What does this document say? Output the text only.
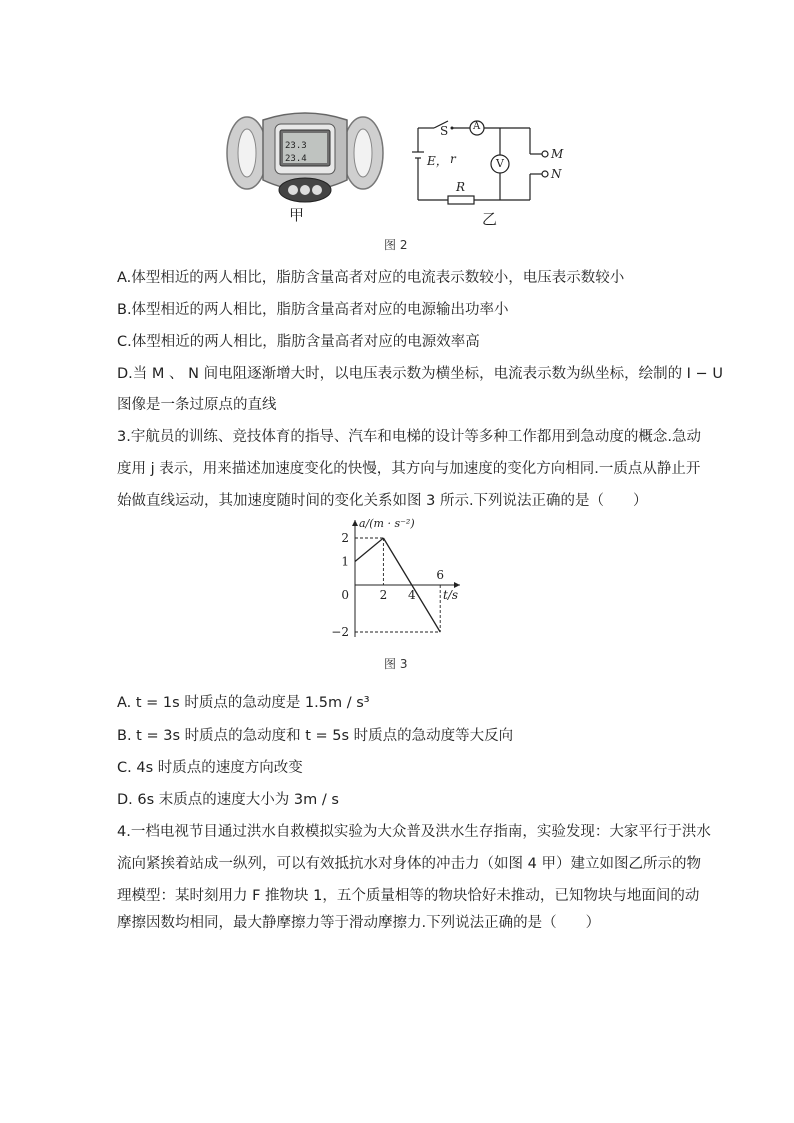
23.3
23.4
甲
S A
V
E， r
R
M
N
乙
图 2
A.体型相近的两人相比，脂肪含量高者对应的电流表示数较小，电压表示数较小
B.体型相近的两人相比，脂肪含量高者对应的电源输出功率小
C.体型相近的两人相比，脂肪含量高者对应的电源效率高
D.当 M 、 N 间电阻逐渐增大时，以电压表示数为横坐标，电流表示数为纵坐标，绘制的 I − U
图像是一条过原点的直线
3.宇航员的训练、竞技体育的指导、汽车和电梯的设计等多种工作都用到急动度的概念.急动
度用 j 表示，用来描述加速度变化的快慢，其方向与加速度的变化方向相同.一质点从静止开
始做直线运动，其加速度随时间的变化关系如图 3 所示.下列说法正确的是（　　）
2 4
6
2
1
0
−2
a/(m · s⁻²)
t/s
图 3
A. t = 1s 时质点的急动度是 1.5m / s³
B. t = 3s 时质点的急动度和 t = 5s 时质点的急动度等大反向
C. 4s 时质点的速度方向改变
D. 6s 末质点的速度大小为 3m / s
4.一档电视节目通过洪水自救模拟实验为大众普及洪水生存指南，实验发现：大家平行于洪水
流向紧挨着站成一纵列，可以有效抵抗水对身体的冲击力（如图 4 甲）建立如图乙所示的物
理模型：某时刻用力 F 推物块 1，五个质量相等的物块恰好未推动，已知物块与地面间的动
摩擦因数均相同，最大静摩擦力等于滑动摩擦力.下列说法正确的是（　　）
